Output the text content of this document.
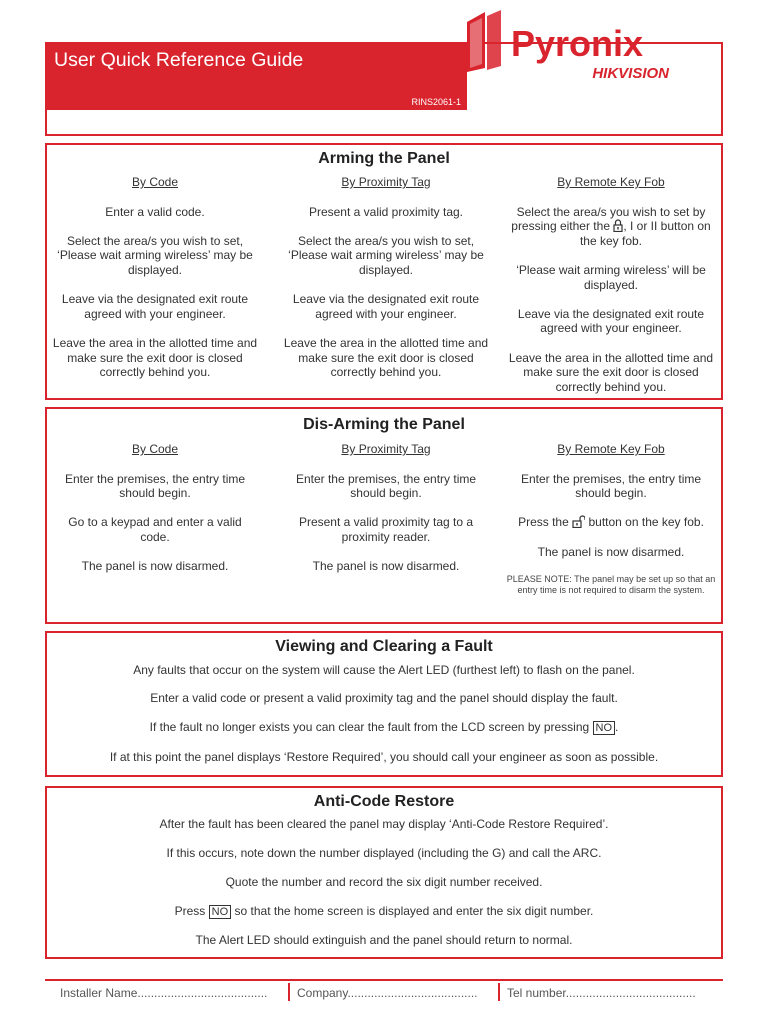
User Quick Reference Guide
RINS2061-1
Pyronix
HIKVISION
Arming the Panel
By Code

Enter a valid code.

Select the area/s you wish to set, ‘Please wait arming wireless’ may be displayed.

Leave via the designated exit route agreed with your engineer.

Leave the area in the allotted time and make sure the exit door is closed correctly behind you.

By Proximity Tag

Present a valid proximity tag.

Select the area/s you wish to set, ‘Please wait arming wireless’ may be displayed.

Leave via the designated exit route agreed with your engineer.

Leave the area in the allotted time and make sure the exit door is closed correctly behind you.

By Remote Key Fob

Select the area/s you wish to set by pressing either the , I or II button on the key fob.

‘Please wait arming wireless’ will be displayed.

Leave via the designated exit route agreed with your engineer.

Leave the area in the allotted time and make sure the exit door is closed correctly behind you.

Dis-Arming the Panel
By Code

Enter the premises, the entry time should begin.

Go to a keypad and enter a valid code.

The panel is now disarmed.

By Proximity Tag

Enter the premises, the entry time should begin.

Present a valid proximity tag to a proximity reader.

The panel is now disarmed.

By Remote Key Fob

Enter the premises, the entry time should begin.

Press the button on the key fob.

The panel is now disarmed.

PLEASE NOTE: The panel may be set up so that an entry time is not required to disarm the system.
Viewing and Clearing a Fault
Any faults that occur on the system will cause the Alert LED (furthest left) to flash on the panel.
Enter a valid code or present a valid proximity tag and the panel should display the fault.
If the fault no longer exists you can clear the fault from the LCD screen by pressing NO .
If at this point the panel displays ‘Restore Required’, you should call your engineer as soon as possible.
Anti-Code Restore
After the fault has been cleared the panel may display ‘Anti-Code Restore Required’.
If this occurs, note down the number displayed (including the G) and call the ARC.
Quote the number and record the six digit number received.
Press NO so that the home screen is displayed and enter the six digit number.
The Alert LED should extinguish and the panel should return to normal.
Installer Name....................................... Company....................................... Tel number.......................................
